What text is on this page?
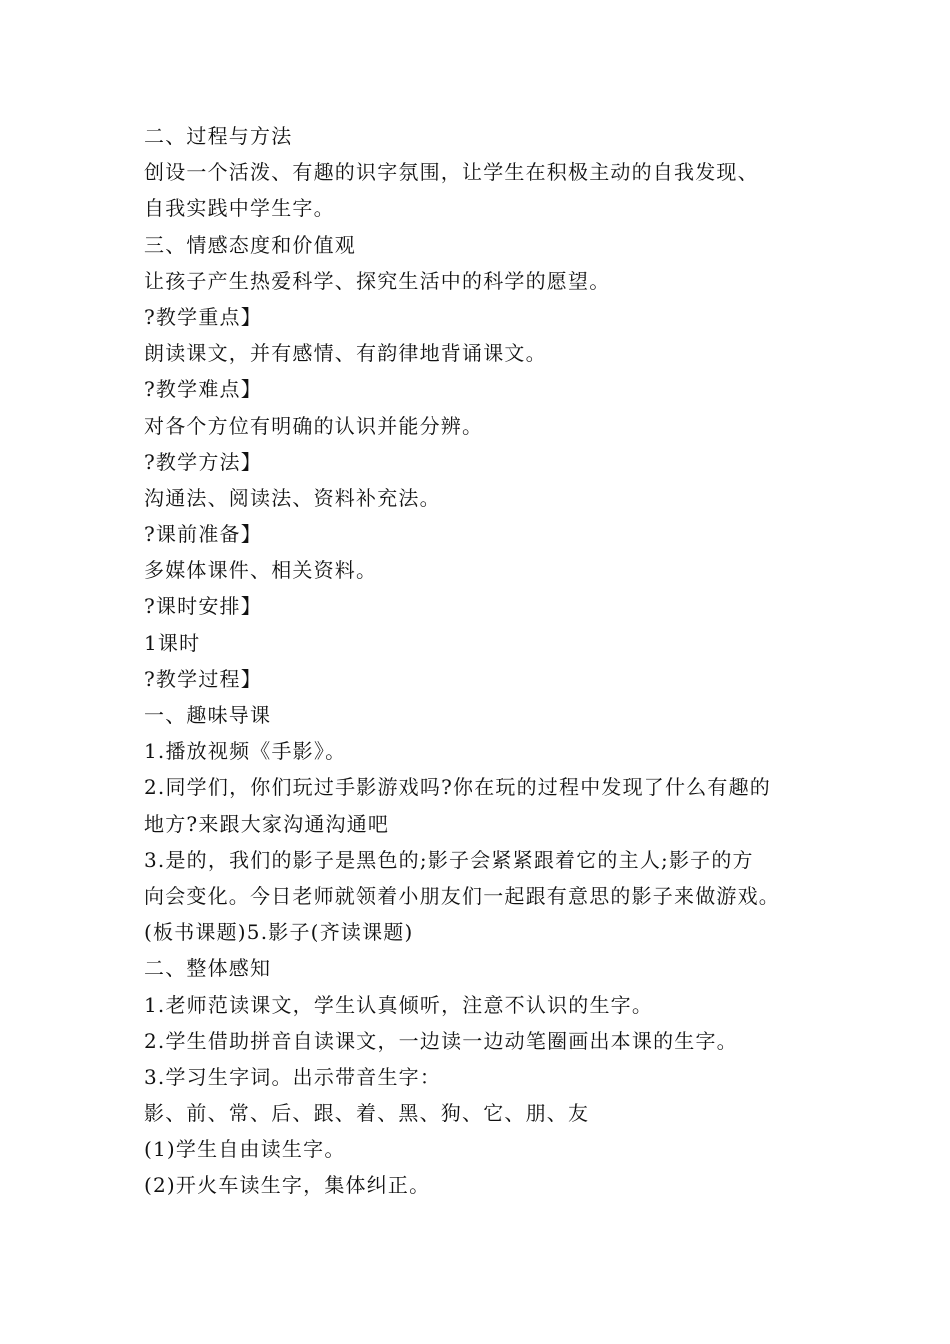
二、过程与方法
创设一个活泼、有趣的识字氛围，让学生在积极主动的自我发现、
自我实践中学生字。
三、情感态度和价值观
让孩子产生热爱科学、探究生活中的科学的愿望。
?教学重点】
朗读课文，并有感情、有韵律地背诵课文。
?教学难点】
对各个方位有明确的认识并能分辨。
?教学方法】
沟通法、阅读法、资料补充法。
?课前准备】
多媒体课件、相关资料。
?课时安排】
1课时
?教学过程】
一、趣味导课
1.播放视频《手影》。
2.同学们，你们玩过手影游戏吗?你在玩的过程中发现了什么有趣的
地方?来跟大家沟通沟通吧
3.是的，我们的影子是黑色的;影子会紧紧跟着它的主人;影子的方
向会变化。今日老师就领着小朋友们一起跟有意思的影子来做游戏。
(板书课题)5.影子(齐读课题)
二、整体感知
1.老师范读课文，学生认真倾听，注意不认识的生字。
2.学生借助拼音自读课文，一边读一边动笔圈画出本课的生字。
3.学习生字词。出示带音生字：
影、前、常、后、跟、着、黑、狗、它、朋、友
(1)学生自由读生字。
(2)开火车读生字，集体纠正。
